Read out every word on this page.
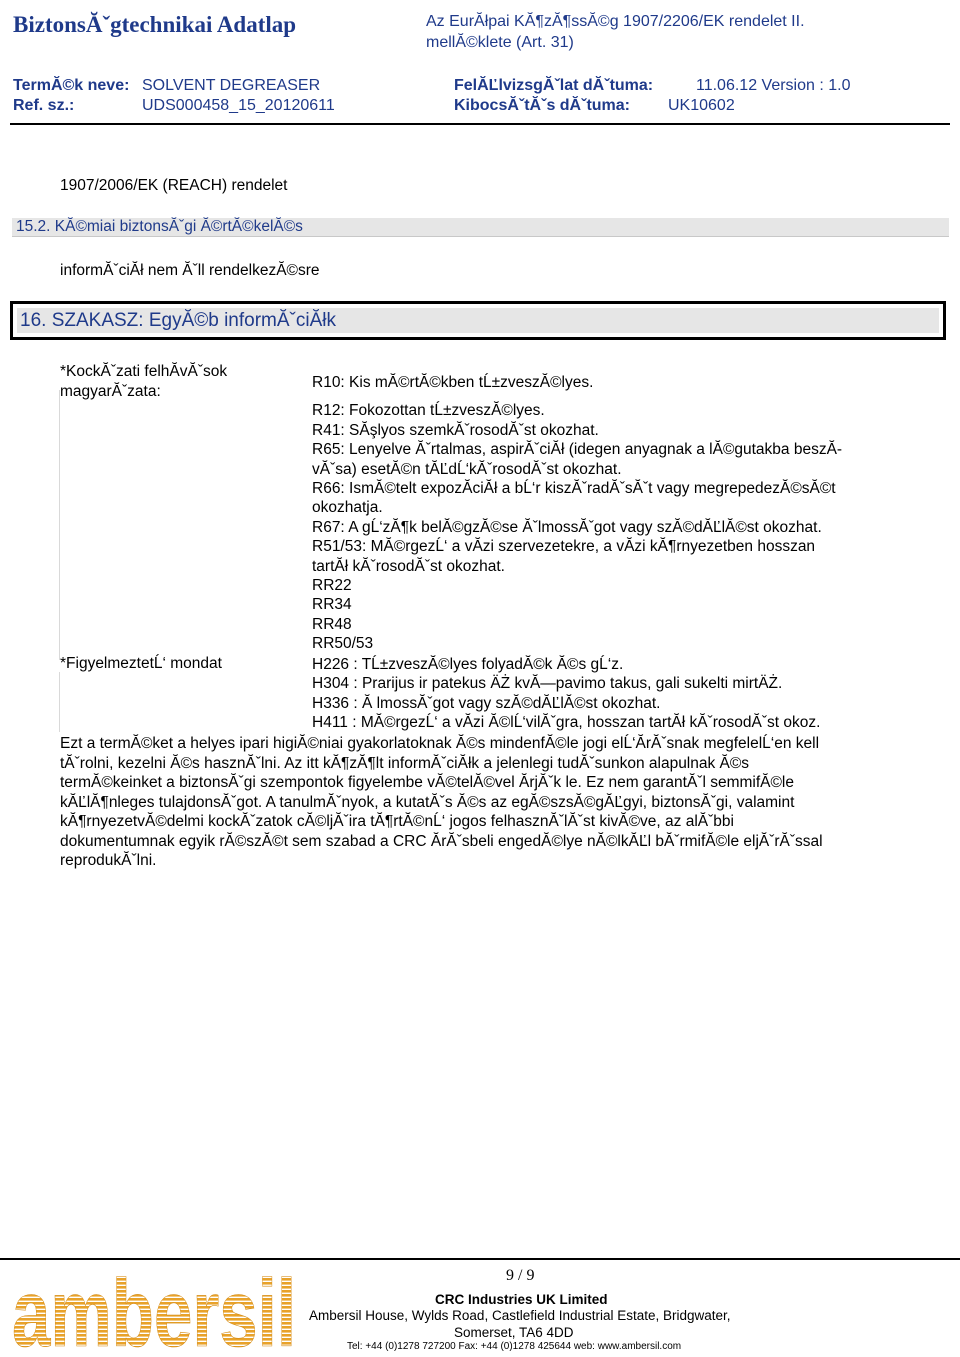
BiztonsĂˇgtechnikai Adatlap	Az EurĂłpai KĂ¶zĂ¶ssĂ©g 1907/2206/EK rendelet II.
mellĂ©klete (Art. 31)
TermĂ©k neve: SOLVENT DEGREASER
Ref. sz.:	UDS000458_15_20120611
FelĂĽlvizsgĂˇlat dĂˇtuma:	11.06.12 Version : 1.0
KibocsĂˇtĂˇs dĂˇtuma: UK10602
1907/2006/EK (REACH) rendelet
15.2. KĂ©miai biztonsĂˇgi Ă©rtĂ©kelĂ©s
informĂˇciĂł nem Ăˇll rendelkezĂ©sre
16. SZAKASZ: EgyĂ©b informĂˇciĂłk
*KockĂˇzati felhĂvĂˇsok
magyarĂˇzata:	R10: Kis mĂ©rtĂ©kben tĹ±zveszĂ©lyes.
R12: Fokozottan tĹ±zveszĂ©lyes.
R41: SĂşlyos szemkĂˇrosodĂˇst okozhat.
R65: Lenyelve Ăˇrtalmas, aspirĂˇciĂł (idegen anyagnak a lĂ©gutakba beszĂ-
vĂˇsa) esetĂ©n tĂĽdĹ‘kĂˇrosodĂˇst okozhat.
R66: IsmĂ©telt expozĂciĂł a bĹ‘r kiszĂˇradĂˇsĂˇt vagy megrepedezĂ©sĂ©t
okozhatja.
R67: A gĹ‘zĂ¶k belĂ©gzĂ©se ĂˇlmossĂˇgot vagy szĂ©dĂĽlĂ©st okozhat.
R51/53: MĂ©rgezĹ‘ a vĂzi szervezetekre, a vĂzi kĂ¶rnyezetben hosszan
tartĂł kĂˇrosodĂˇst okozhat.
RR22
RR34
RR48
RR50/53
*FigyelmeztetĹ‘ mondat	H226 : TĹ±zveszĂ©lyes folyadĂ©k Ă©s gĹ‘z.
H304 : Prarijus ir patekus ÄŻ kvĂ—pavimo takus, gali sukelti mirtÄŻ.
H336 : Ă lmossĂˇgot vagy szĂ©dĂĽlĂ©st okozhat.
H411 : MĂ©rgezĹ‘ a vĂzi Ă©lĹ‘vilĂˇgra, hosszan tartĂł kĂˇrosodĂˇst okoz.
Ezt a termĂ©ket a helyes ipari higiĂ©niai gyakorlatoknak Ă©s mindenfĂ©le jogi elĹ‘ĂrĂˇsnak megfelelĹ‘en kell
tĂˇrolni, kezelni Ă©s hasznĂˇlni. Az itt kĂ¶zĂ¶lt informĂˇciĂłk a jelenlegi tudĂˇsunkon alapulnak Ă©s
termĂ©keinket a biztonsĂˇgi szempontok figyelembe vĂ©telĂ©vel ĂrjĂˇk le. Ez nem garantĂˇl semmifĂ©le
kĂĽlĂ¶nleges tulajdonsĂˇgot. A tanulmĂˇnyok, a kutatĂˇs Ă©s az egĂ©szsĂ©gĂĽgyi, biztonsĂˇgi, valamint
kĂ¶rnyezetvĂ©delmi kockĂˇzatok cĂ©ljĂˇira tĂ¶rtĂ©nĹ‘ jogos felhasznĂˇlĂˇst kivĂ©ve, az alĂˇbbi
dokumentumnak egyik rĂ©szĂ©t sem szabad a CRC ĂrĂˇsbeli engedĂ©lye nĂ©lkĂĽl bĂˇrmifĂ©le eljĂˇrĂˇssal
reprodukĂˇlni.
ambersil	9 / 9
CRC Industries UK Limited
Ambersil House, Wylds Road, Castlefield Industrial Estate, Bridgwater,
Somerset, TA6 4DD
Tel: +44 (0)1278 727200 Fax: +44 (0)1278 425644 web: www.ambersil.com
